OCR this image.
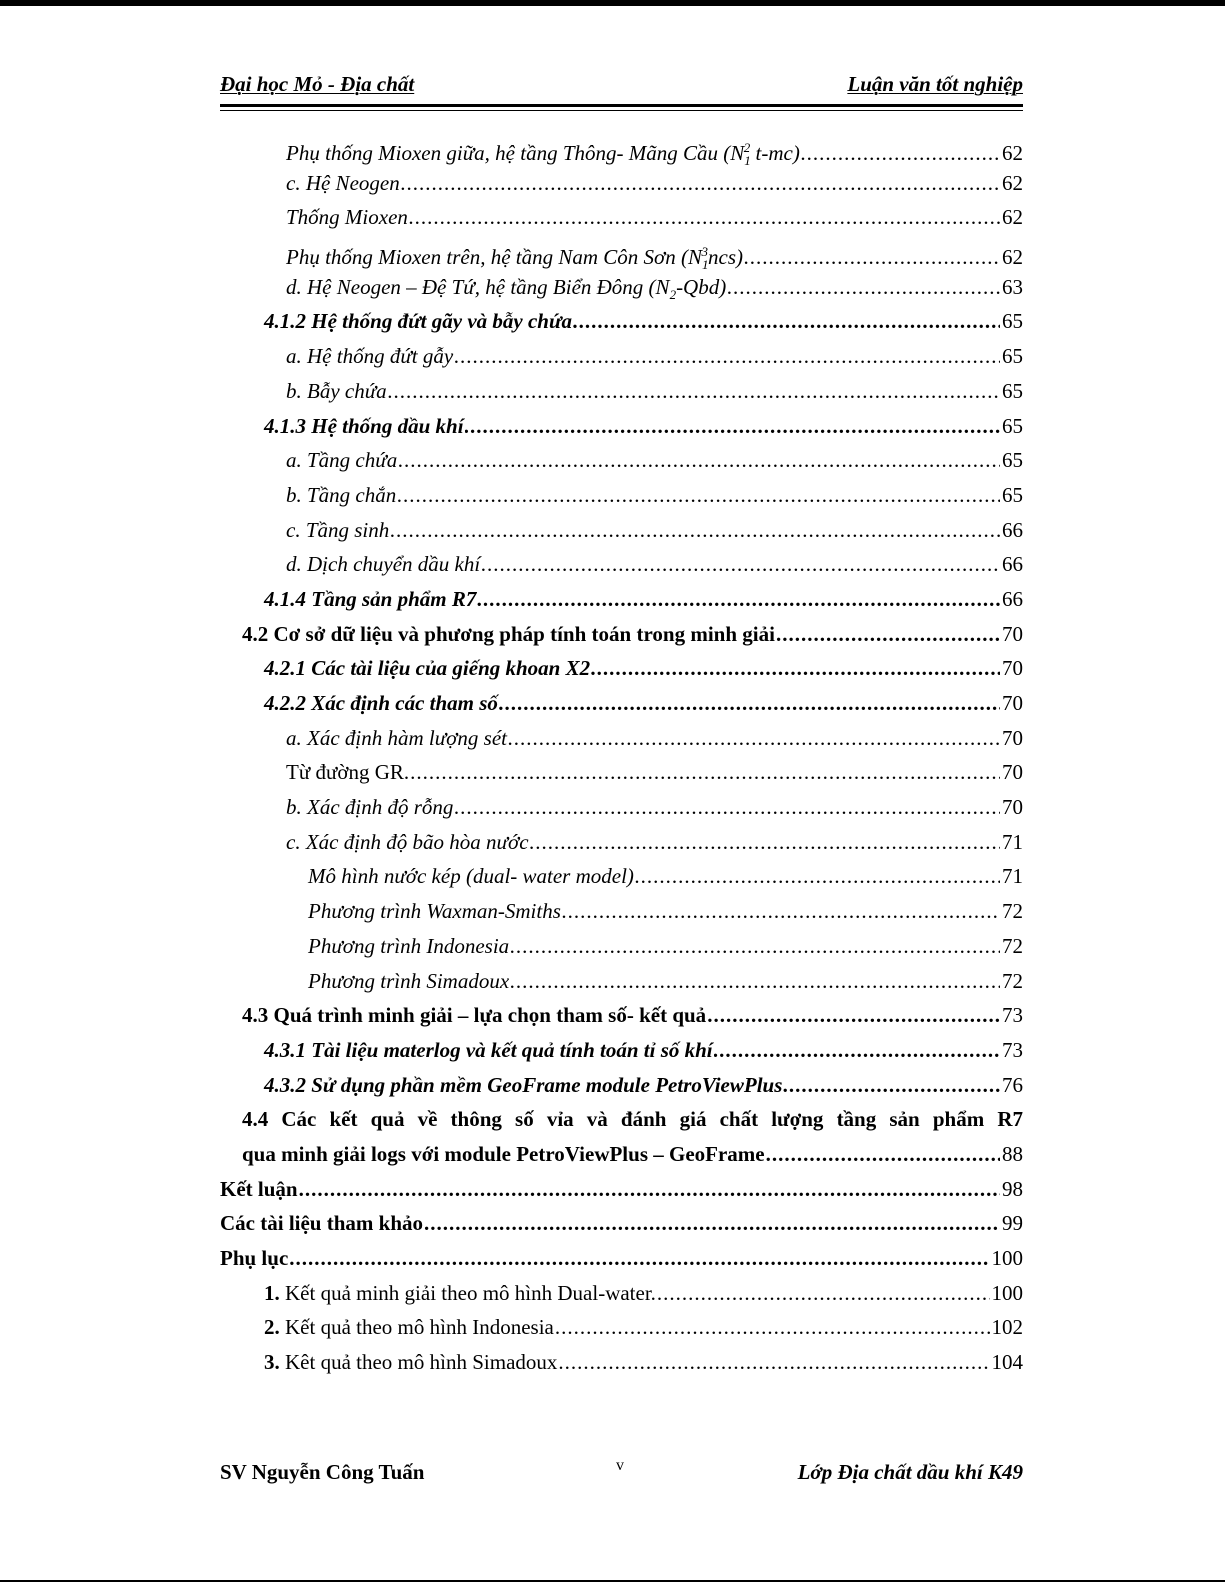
Đại học Mỏ - Địa chất	Luận văn tốt nghiệp
Phụ thống Mioxen giữa, hệ tầng Thông- Mãng Cầu ($N_1^2$ t-mc) .....	62
c. Hệ Neogen .....	62
Thống Mioxen .....	62
Phụ thống Mioxen trên, hệ tầng Nam Côn Sơn $(N_1^3ncs)$ .....	62
d. Hệ Neogen – Đệ Tứ, hệ tầng Biển Đông $(N_2-Qbd)$ .....	63
4.1.2 Hệ thống đứt gãy và bẫy chứa .....	65
a. Hệ thống đứt gẫy .....	65
b. Bẫy chứa .....	65
4.1.3 Hệ thống dầu khí .....	65
a. Tầng chứa .....	65
b. Tầng chắn .....	65
c. Tầng sinh .....	66
d. Dịch chuyển dầu khí .....	66
4.1.4 Tầng sản phẩm R7 .....	66
4.2 Cơ sở dữ liệu và phương pháp tính toán trong minh giải .....	70
4.2.1 Các tài liệu của giếng khoan X2 .....	70
4.2.2 Xác định các tham số .....	70
a. Xác định hàm lượng sét .....	70
Từ đường GR. .....	70
b. Xác định độ rỗng .....	70
c. Xác định độ bão hòa nước .....	71
Mô hình nước kép (dual- water model) .....	71
Phương trình Waxman-Smiths .....	72
Phương trình Indonesia .....	72
Phương trình Simadoux .....	72
4.3 Quá trình minh giải – lựa chọn tham số- kết quả .....	73
4.3.1 Tài liệu materlog và kết quả tính toán tỉ số khí .....	73
4.3.2 Sử dụng phần mềm GeoFrame module PetroViewPlus .....	76
4.4 Các kết quả về thông số vỉa và đánh giá chất lượng tầng sản phẩm R7
qua minh giải logs với module PetroViewPlus – GeoFrame .....	88
Kết luận .....	98
Các tài liệu tham khảo .....	99
Phụ lục .....	100
1. Kết quả minh giải theo mô hình Dual-water. .....	100
2. Kết quả theo mô hình Indonesia .....	102
3. Kêt quả theo mô hình Simadoux .....	104
SV Nguyễn Công Tuấn	v	Lớp Địa chất dầu khí K49
